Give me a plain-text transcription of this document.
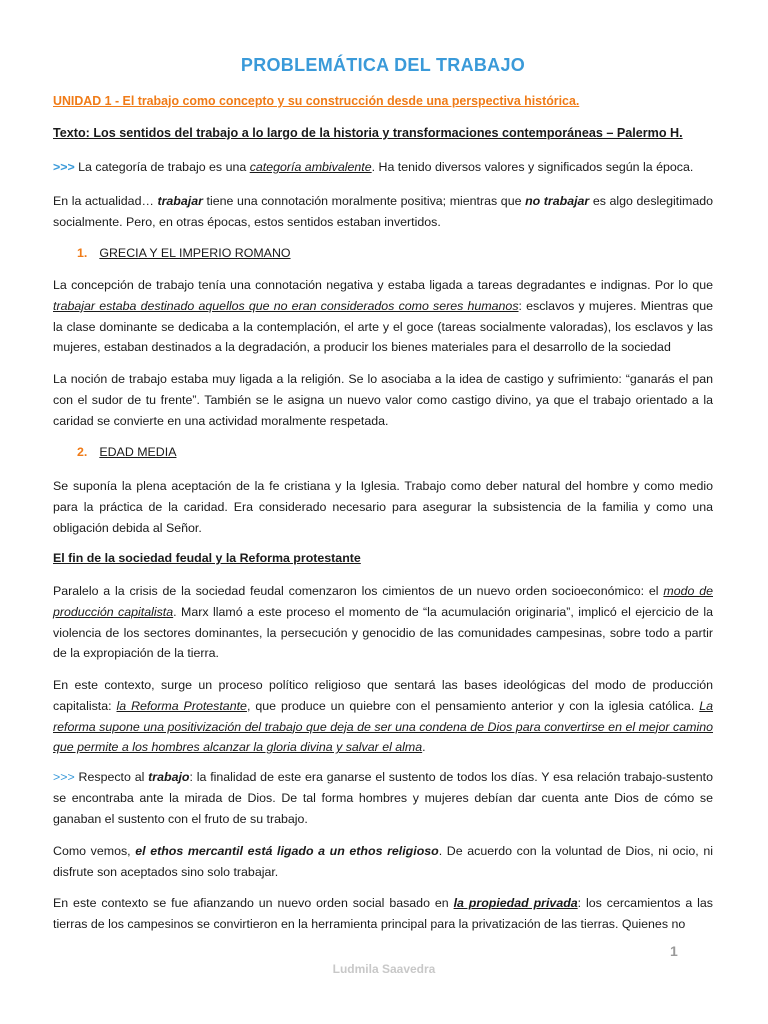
PROBLEMÁTICA DEL TRABAJO
UNIDAD 1 - El trabajo como concepto y su construcción desde una perspectiva histórica.
Texto: Los sentidos del trabajo a lo largo de la historia y transformaciones contemporáneas – Palermo H.

>>> La categoría de trabajo es una categoría ambivalente. Ha tenido diversos valores y significados según la época.

En la actualidad… trabajar tiene una connotación moralmente positiva; mientras que no trabajar es algo deslegitimado socialmente. Pero, en otras épocas, estos sentidos estaban invertidos.

1. GRECIA Y EL IMPERIO ROMANO

La concepción de trabajo tenía una connotación negativa y estaba ligada a tareas degradantes e indignas. Por lo que trabajar estaba destinado aquellos que no eran considerados como seres humanos: esclavos y mujeres. Mientras que la clase dominante se dedicaba a la contemplación, el arte y el goce (tareas socialmente valoradas), los esclavos y las mujeres, estaban destinados a la degradación, a producir los bienes materiales para el desarrollo de la sociedad

La noción de trabajo estaba muy ligada a la religión. Se lo asociaba a la idea de castigo y sufrimiento: “ganarás el pan con el sudor de tu frente”. También se le asigna un nuevo valor como castigo divino, ya que el trabajo orientado a la caridad se convierte en una actividad moralmente respetada.

2. EDAD MEDIA

Se suponía la plena aceptación de la fe cristiana y la Iglesia. Trabajo como deber natural del hombre y como medio para la práctica de la caridad. Era considerado necesario para asegurar la subsistencia de la familia y como una obligación debida al Señor.

El fin de la sociedad feudal y la Reforma protestante

Paralelo a la crisis de la sociedad feudal comenzaron los cimientos de un nuevo orden socioeconómico: el modo de producción capitalista. Marx llamó a este proceso el momento de “la acumulación originaria”, implicó el ejercicio de la violencia de los sectores dominantes, la persecución y genocidio de las comunidades campesinas, sobre todo a partir de la expropiación de la tierra.

En este contexto, surge un proceso político religioso que sentará las bases ideológicas del modo de producción capitalista: la Reforma Protestante, que produce un quiebre con el pensamiento anterior y con la iglesia católica. La reforma supone una positivización del trabajo que deja de ser una condena de Dios para convertirse en el mejor camino que permite a los hombres alcanzar la gloria divina y salvar el alma.

>>> Respecto al trabajo: la finalidad de este era ganarse el sustento de todos los días. Y esa relación trabajo-sustento se encontraba ante la mirada de Dios. De tal forma hombres y mujeres debían dar cuenta ante Dios de cómo se ganaban el sustento con el fruto de su trabajo.

Como vemos, el ethos mercantil está ligado a un ethos religioso. De acuerdo con la voluntad de Dios, ni ocio, ni disfrute son aceptados sino solo trabajar.

En este contexto se fue afianzando un nuevo orden social basado en la propiedad privada: los cercamientos a las tierras de los campesinos se convirtieron en la herramienta principal para la privatización de las tierras. Quienes no

1
Ludmila Saavedra
